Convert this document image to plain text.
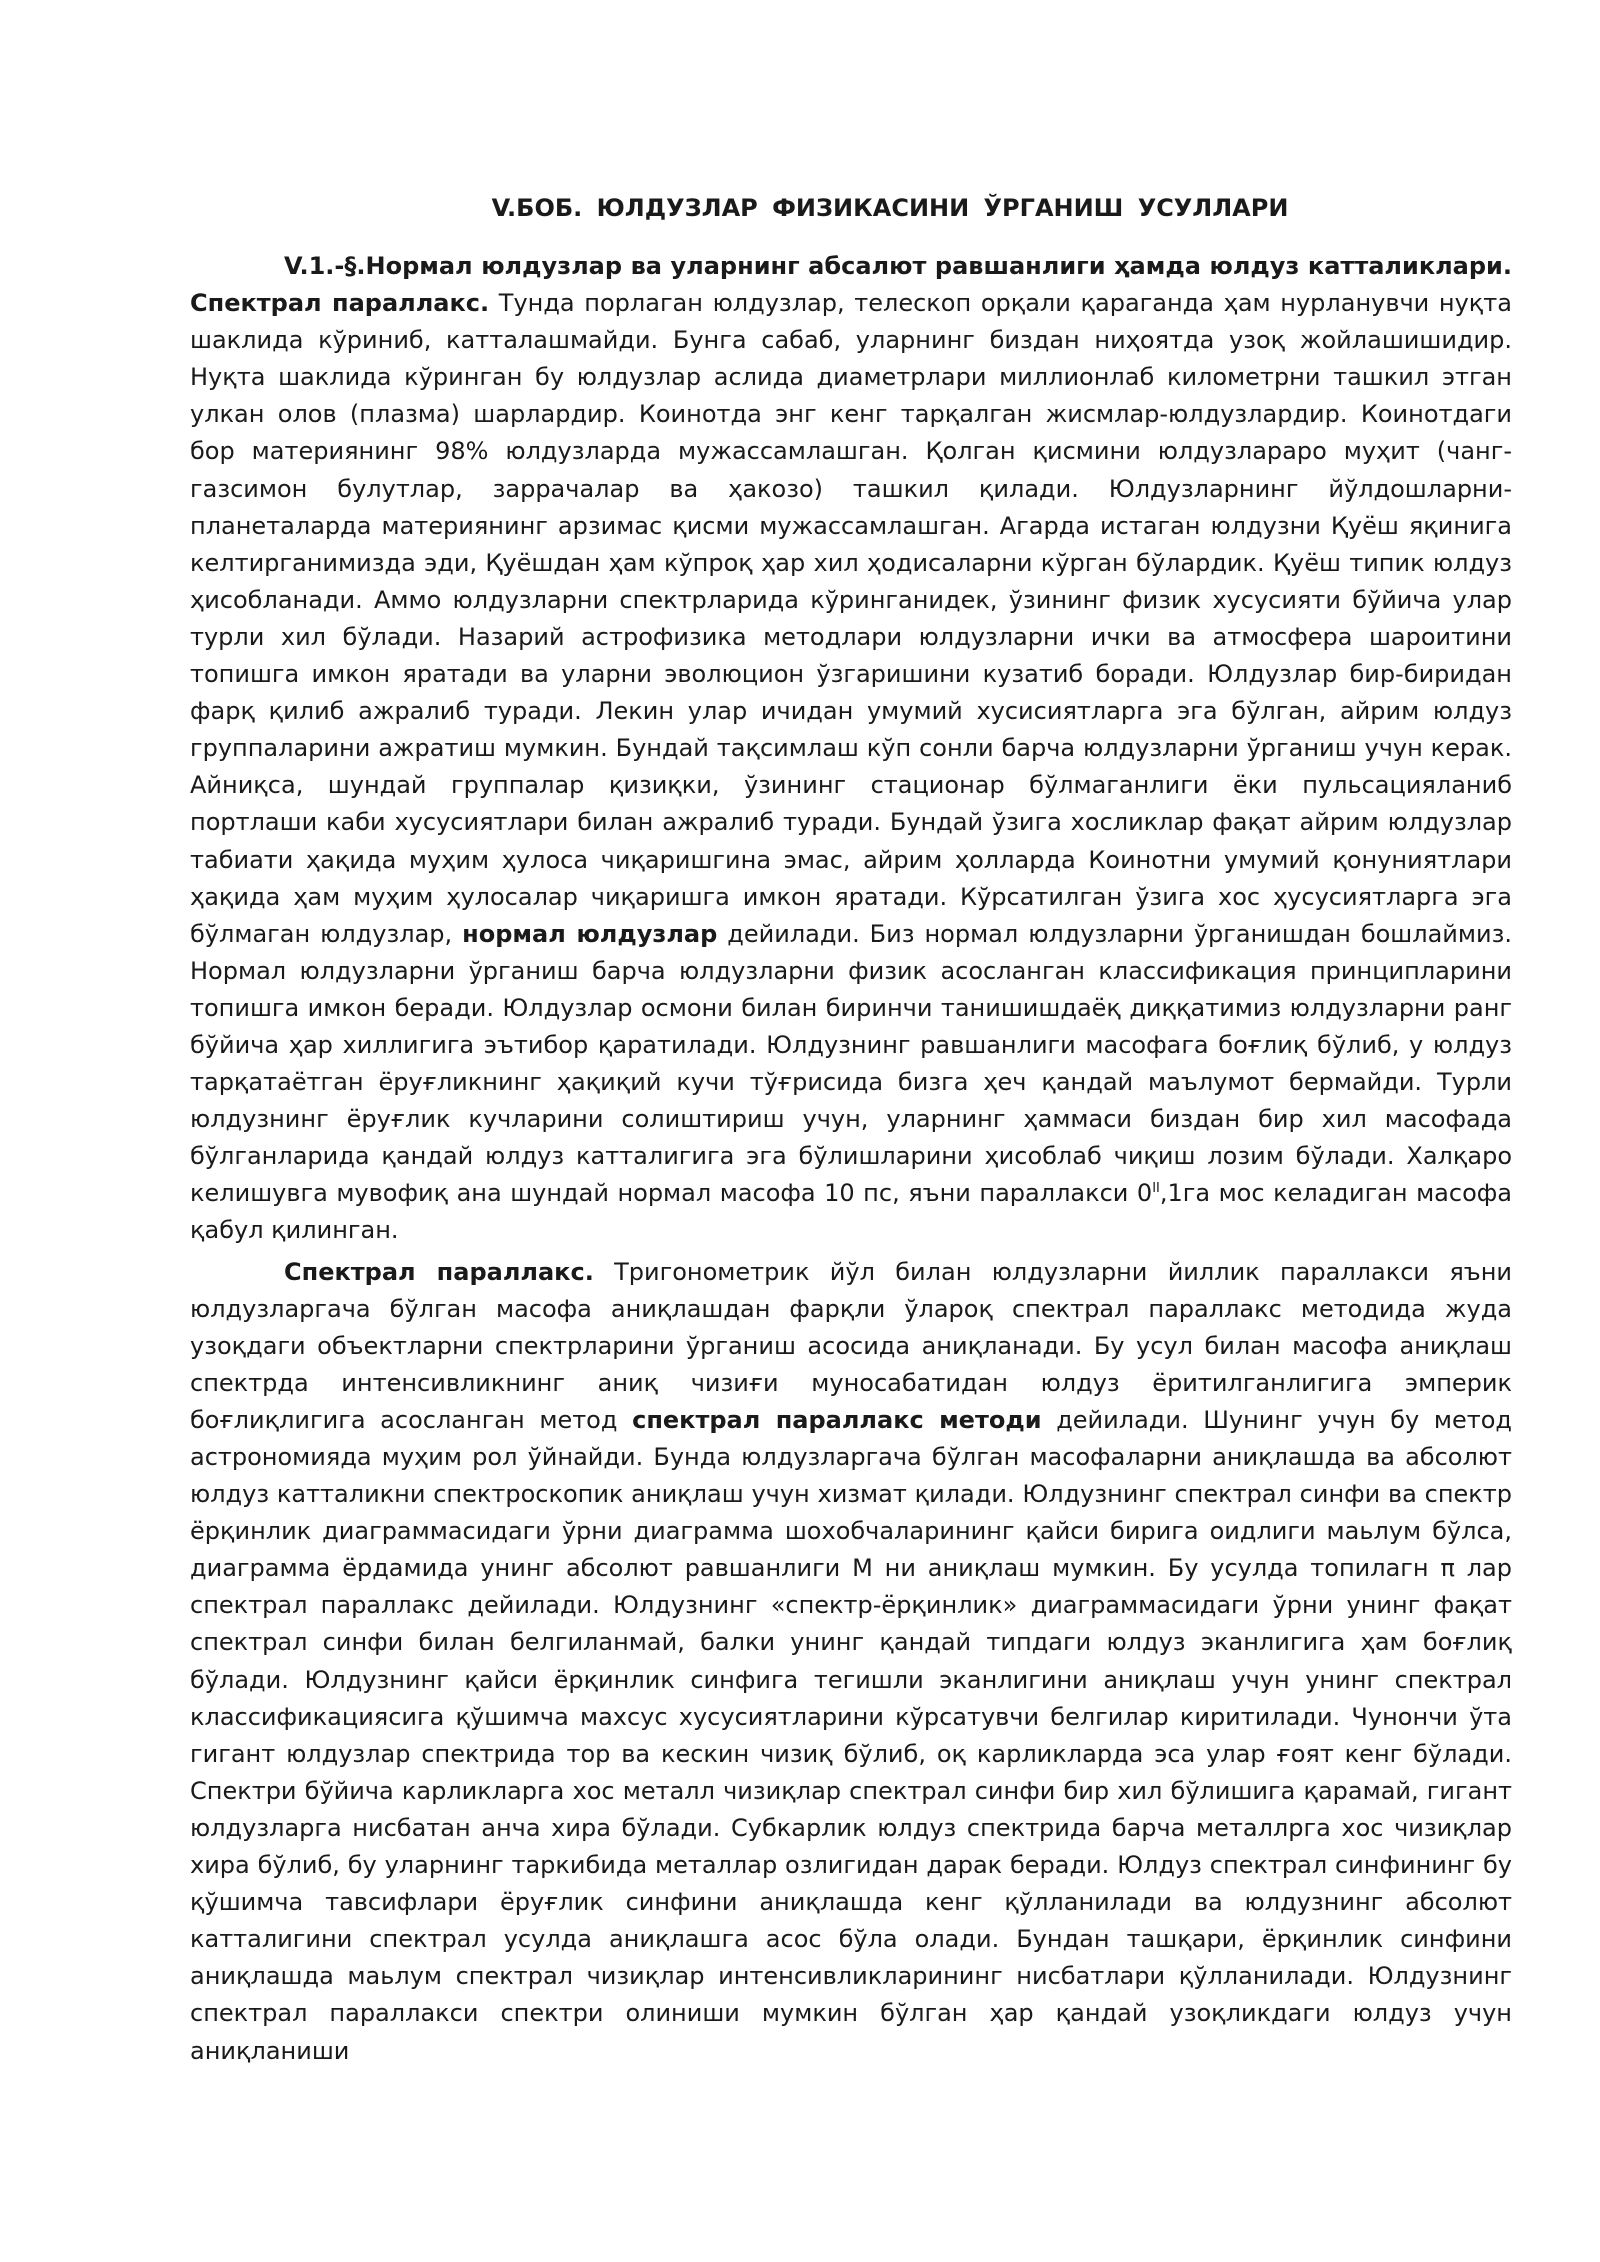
V.БОБ. ЮЛДУЗЛАР ФИЗИКАСИНИ ЎРГАНИШ УСУЛЛАРИ

V.1.-§.Нормал юлдузлар ва уларнинг абсалют равшанлиги ҳамда юлдуз катталиклари. Спектрал параллакс. Тунда порлаган юлдузлар, телескоп орқали қараганда ҳам нурланувчи нуқта шаклида кўриниб, катталашмайди. Бунга сабаб, уларнинг биздан ниҳоятда узоқ жойлашишидир. Нуқта шаклида кўринган бу юлдузлар аслида диаметрлари миллионлаб километрни ташкил этган улкан олов (плазма) шарлардир. Коинотда энг кенг тарқалган жисмлар-юлдузлардир. Коинотдаги бор материянинг 98% юлдузларда мужассамлашган. Қолган қисмини юлдузлараро муҳит (чанг-газсимон булутлар, заррачалар ва ҳакозо) ташкил қилади. Юлдузларнинг йўлдошларни-планеталарда материянинг арзимас қисми мужассамлашган. Агарда истаган юлдузни Қуёш яқинига келтирганимизда эди, Қуёшдан ҳам кўпроқ ҳар хил ҳодисаларни кўрган бўлардик. Қуёш типик юлдуз ҳисобланади. Аммо юлдузларни спектрларида кўринганидек, ўзининг физик хусусияти бўйича улар турли хил бўлади. Назарий астрофизика методлари юлдузларни ички ва атмосфера шароитини топишга имкон яратади ва уларни эволюцион ўзгаришини кузатиб боради. Юлдузлар бир-биридан фарқ қилиб ажралиб туради. Лекин улар ичидан умумий хусисиятларга эга бўлган, айрим юлдуз группаларини ажратиш мумкин. Бундай тақсимлаш кўп сонли барча юлдузларни ўрганиш учун керак. Айниқса, шундай группалар қизиқки, ўзининг стационар бўлмаганлиги ёки пульсацияланиб портлаши каби хусусиятлари билан ажралиб туради. Бундай ўзига хосликлар фақат айрим юлдузлар табиати ҳақида муҳим ҳулоса чиқаришгина эмас, айрим ҳолларда Коинотни умумий қонуниятлари ҳақида ҳам муҳим ҳулосалар чиқаришга имкон яратади. Кўрсатилган ўзига хос ҳусусиятларга эга бўлмаган юлдузлар, нормал юлдузлар дейилади. Биз нормал юлдузларни ўрганишдан бошлаймиз. Нормал юлдузларни ўрганиш барча юлдузларни физик асосланган классификация принципларини топишга имкон беради. Юлдузлар осмони билан биринчи танишишдаёқ диққатимиз юлдузларни ранг бўйича ҳар хиллигига эътибор қаратилади. Юлдузнинг равшанлиги масофага боғлиқ бўлиб, у юлдуз тарқатаётган ёруғликнинг ҳақиқий кучи тўғрисида бизга ҳеч қандай маълумот бермайди. Турли юлдузнинг ёруғлик кучларини солиштириш учун, уларнинг ҳаммаси биздан бир хил масофада бўлганларида қандай юлдуз катталигига эга бўлишларини ҳисоблаб чиқиш лозим бўлади. Халқаро келишувга мувофиқ ана шундай нормал масофа 10 пс, яъни параллакси $0^{II},1га$ мос келадиган масофа қабул қилинган.

Спектрал параллакс. Тригонометрик йўл билан юлдузларни йиллик параллакси яъни юлдузларгача бўлган масофа аниқлашдан фарқли ўлароқ спектрал параллакс методида жуда узоқдаги объектларни спектрларини ўрганиш асосида аниқланади. Бу усул билан масофа аниқлаш спектрда интенсивликнинг аниқ чизиғи муносабатидан юлдуз ёритилганлигига эмперик боғлиқлигига асосланган метод спектрал параллакс методи дейилади. Шунинг учун бу метод астрономияда муҳим рол ўйнайди. Бунда юлдузларгача бўлган масофаларни аниқлашда ва абсолют юлдуз катталикни спектроскопик аниқлаш учун хизмат қилади. Юлдузнинг спектрал синфи ва спектр ёрқинлик диаграммасидаги ўрни диаграмма шохобчаларининг қайси бирига оидлиги маьлум бўлса, диаграмма ёрдамида унинг абсолют равшанлиги М ни аниқлаш мумкин. Бу усулда топилагн π лар спектрал параллакс дейилади. Юлдузнинг «спектр-ёрқинлик» диаграммасидаги ўрни унинг фақат спектрал синфи билан белгиланмай, балки унинг қандай типдаги юлдуз эканлигига ҳам боғлиқ бўлади. Юлдузнинг қайси ёрқинлик синфига тегишли эканлигини аниқлаш учун унинг спектрал классификациясига қўшимча махсус хусусиятларини кўрсатувчи белгилар киритилади. Чунончи ўта гигант юлдузлар спектрида тор ва кескин чизиқ бўлиб, оқ карликларда эса улар ғоят кенг бўлади. Спектри бўйича карликларга хос металл чизиқлар спектрал синфи бир хил бўлишига қарамай, гигант юлдузларга нисбатан анча хира бўлади. Субкарлик юлдуз спектрида барча металлрга хос чизиқлар хира бўлиб, бу уларнинг таркибида металлар озлигидан дарак беради. Юлдуз спектрал синфининг бу қўшимча тавсифлари ёруғлик синфини аниқлашда кенг қўлланилади ва юлдузнинг абсолют катталигини спектрал усулда аниқлашга асос бўла олади. Бундан ташқари, ёрқинлик синфини аниқлашда маьлум спектрал чизиқлар интенсивликларининг нисбатлари қўлланилади. Юлдузнинг спектрал параллакси спектри олиниши мумкин бўлган ҳар қандай узоқликдаги юлдуз учун аниқланиши
